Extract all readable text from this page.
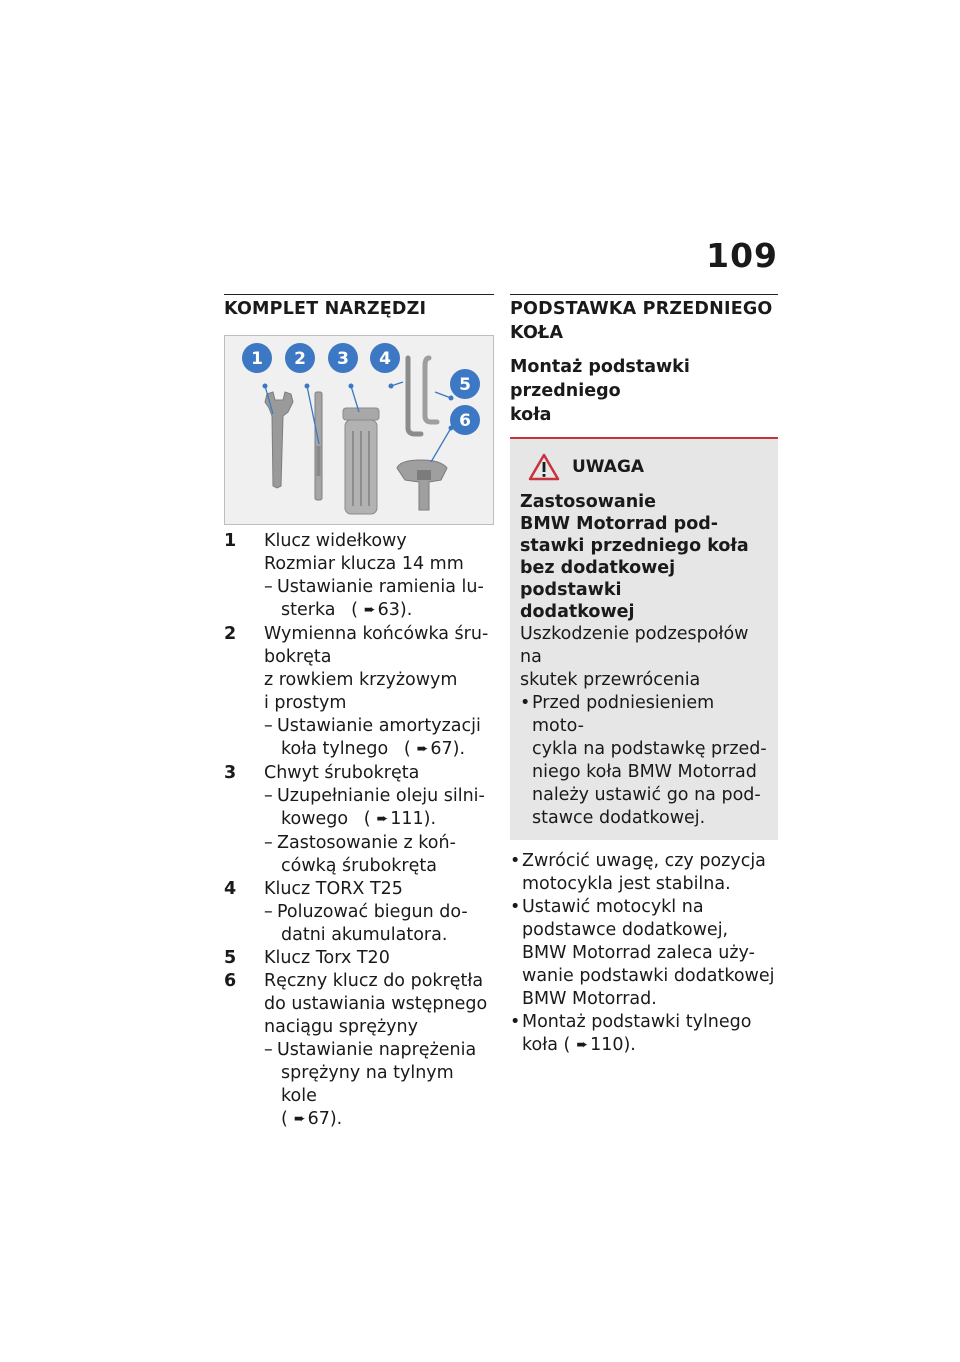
109
KOMPLET NARZĘDZI
1 2 3 4
5
6
1	Klucz widełkowy
Rozmiar klucza 14 mm
– Ustawianie ramienia lu-
sterka ( ➨ 63).
2	Wymienna końcówka śru-
bokręta
z rowkiem krzyżowym
i prostym
– Ustawianie amortyzacji
koła tylnego ( ➨ 67).
3	Chwyt śrubokręta
– Uzupełnianie oleju silni-
kowego ( ➨ 111).
– Zastosowanie z koń-
cówką śrubokręta
4	Klucz TORX T25
– Poluzować biegun do-
datni akumulatora.
5	Klucz Torx T20
6	Ręczny klucz do pokrętła
do ustawiania wstępnego
naciągu sprężyny
– Ustawianie naprężenia
sprężyny na tylnym kole
( ➨ 67).
PODSTAWKA PRZEDNIEGO
KOŁA
Montaż podstawki przedniego
koła
UWAGA
Zastosowanie
BMW Motorrad pod-
stawki przedniego koła
bez dodatkowej podstawki
dodatkowej
Uszkodzenie podzespołów na
skutek przewrócenia
• Przed podniesieniem moto-
cykla na podstawkę przed-
niego koła BMW Motorrad
należy ustawić go na pod-
stawce dodatkowej.
• Zwrócić uwagę, czy pozycja
motocykla jest stabilna.
• Ustawić motocykl na
podstawce dodatkowej,
BMW Motorrad zaleca uży-
wanie podstawki dodatkowej
BMW Motorrad.
• Montaż podstawki tylnego
koła ( ➨ 110).
